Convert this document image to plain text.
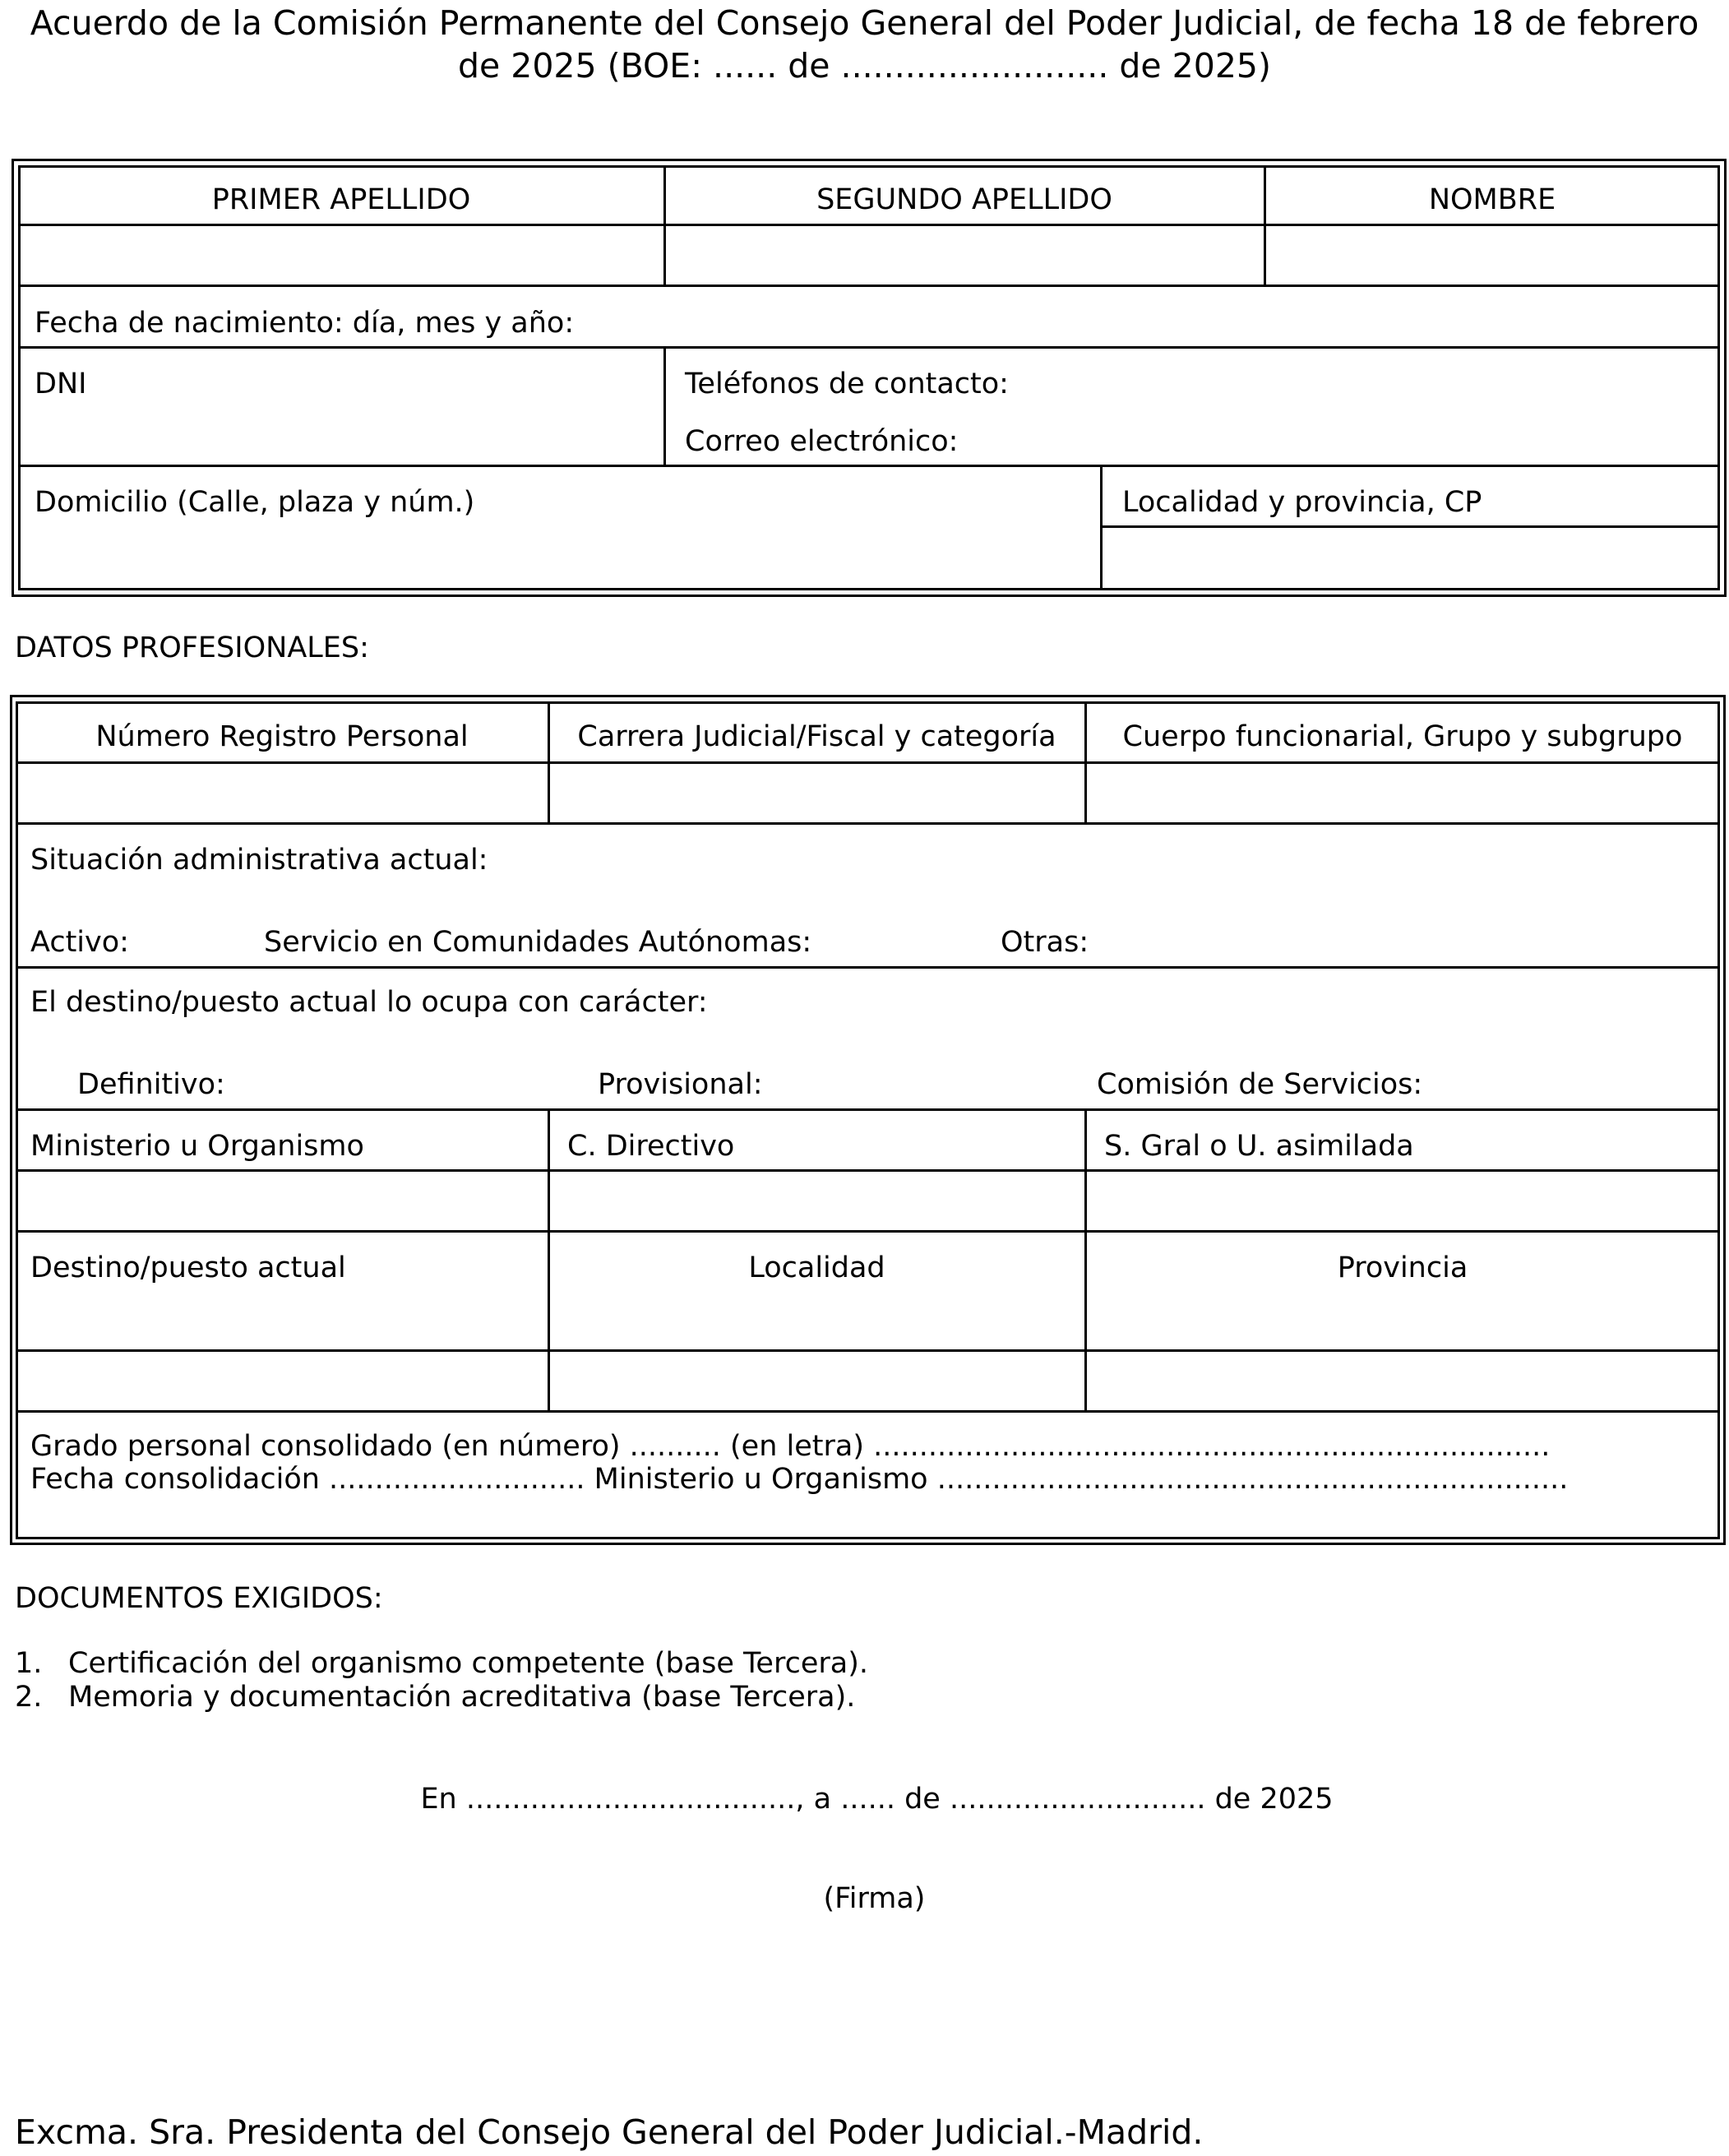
Acuerdo de la Comisión Permanente del Consejo General del Poder Judicial, de fecha 18 de febrero
de 2025 (BOE: ...... de ......................... de 2025)
PRIMER APELLIDO	SEGUNDO APELLIDO	NOMBRE
Fecha de nacimiento: día, mes y año:
DNI	Teléfonos de contacto:
Correo electrónico:
Domicilio (Calle, plaza y núm.)	Localidad y provincia, CP
DATOS PROFESIONALES:
Número Registro Personal	Carrera Judicial/Fiscal y categoría	Cuerpo funcionarial, Grupo y subgrupo
Situación administrativa actual:
Activo:	Servicio en Comunidades Autónomas:	Otras:
El destino/puesto actual lo ocupa con carácter:
Definitivo:	Provisional:	Comisión de Servicios:
Ministerio u Organismo	C. Directivo	S. Gral o U. asimilada
Destino/puesto actual	Localidad	Provincia
Grado personal consolidado (en número) .......... (en letra) ..........................................................................
Fecha consolidación ............................ Ministerio u Organismo .....................................................................
DOCUMENTOS EXIGIDOS:
1. Certificación del organismo competente (base Tercera).
2. Memoria y documentación acreditativa (base Tercera).
En ...................................., a ...... de ............................ de 2025
(Firma)
Excma. Sra. Presidenta del Consejo General del Poder Judicial.-Madrid.
